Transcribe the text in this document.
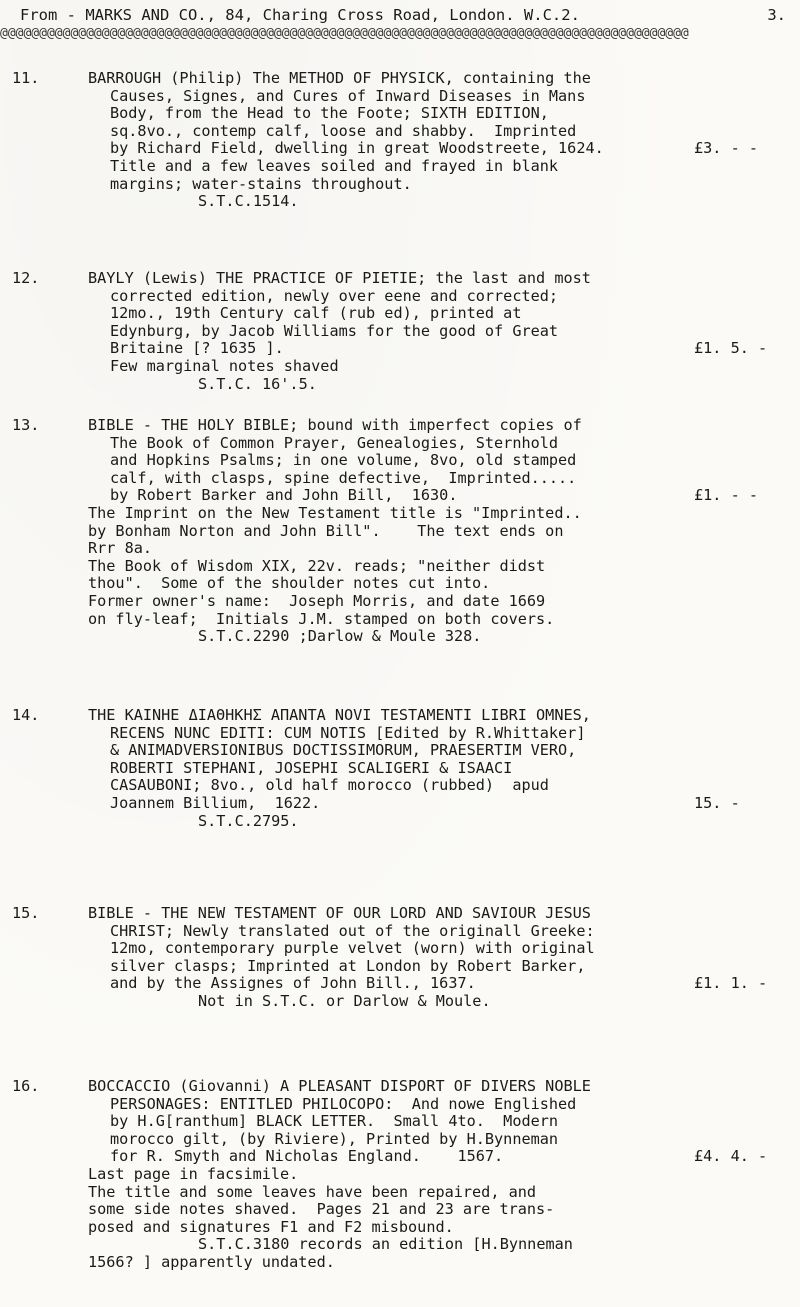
From - MARKS AND CO., 84, Charing Cross Road, London. W.C.2.	3.
@@@@@@@@@@@@@@@@@@@@@@@@@@@@@@@@@@@@@@@@@@@@@@@@@@@@@@@@@@@@@@@@@@@@@@@@@@@@@@@@@@@@@@@@
11.	BARROUGH (Philip) The METHOD OF PHYSICK, containing the
Causes, Signes, and Cures of Inward Diseases in Mans
Body, from the Head to the Foote; SIXTH EDITION,
sq.8vo., contemp calf, loose and shabby.  Imprinted
by Richard Field, dwelling in great Woodstreete, 1624.
Title and a few leaves soiled and frayed in blank
margins; water-stains throughout.
S.T.C.1514.
£3. - -
12.	BAYLY (Lewis) THE PRACTICE OF PIETIE; the last and most
corrected edition, newly over eene and corrected;
12mo., 19th Century calf (rub ed), printed at
Edynburg, by Jacob Williams for the good of Great
Britaine [? 1635 ].
Few marginal notes shaved
S.T.C. 16'.5.
£1. 5. -
13.	BIBLE - THE HOLY BIBLE; bound with imperfect copies of
The Book of Common Prayer, Genealogies, Sternhold
and Hopkins Psalms; in one volume, 8vo, old stamped
calf, with clasps, spine defective,  Imprinted.....
by Robert Barker and John Bill,  1630.
The Imprint on the New Testament title is "Imprinted..
by Bonham Norton and John Bill".    The text ends on
Rrr 8a.
The Book of Wisdom XIX, 22v. reads; "neither didst
thou".  Some of the shoulder notes cut into.
Former owner's name:  Joseph Morris, and date 1669
on fly-leaf;  Initials J.M. stamped on both covers.
S.T.C.2290 ;Darlow & Moule 328.
£1. - -
14.	THE KAINHE ΔΙΑΘΗΚΗΣ ΑΠΑΝΤΑ NOVI TESTAMENTI LIBRI OMNES,
RECENS NUNC EDITI: CUM NOTIS [Edited by R.Whittaker]
& ANIMADVERSIONIBUS DOCTISSIMORUM, PRAESERTIM VERO,
ROBERTI STEPHANI, JOSEPHI SCALIGERI & ISAACI
CASAUBONI; 8vo., old half morocco (rubbed)  apud
Joannem Billium,  1622.
S.T.C.2795.
15. -
15.	BIBLE - THE NEW TESTAMENT OF OUR LORD AND SAVIOUR JESUS
CHRIST; Newly translated out of the originall Greeke:
12mo, contemporary purple velvet (worn) with original
silver clasps; Imprinted at London by Robert Barker,
and by the Assignes of John Bill., 1637.
Not in S.T.C. or Darlow & Moule.
£1. 1. -
16.	BOCCACCIO (Giovanni) A PLEASANT DISPORT OF DIVERS NOBLE
PERSONAGES: ENTITLED PHILOCOPO:  And nowe Englished
by H.G[ranthum] BLACK LETTER.  Small 4to.  Modern
morocco gilt, (by Riviere), Printed by H.Bynneman
for R. Smyth and Nicholas England.    1567.
Last page in facsimile.
The title and some leaves have been repaired, and
some side notes shaved.  Pages 21 and 23 are trans-
posed and signatures F1 and F2 misbound.
S.T.C.3180 records an edition [H.Bynneman
1566? ] apparently undated.
£4. 4. -
